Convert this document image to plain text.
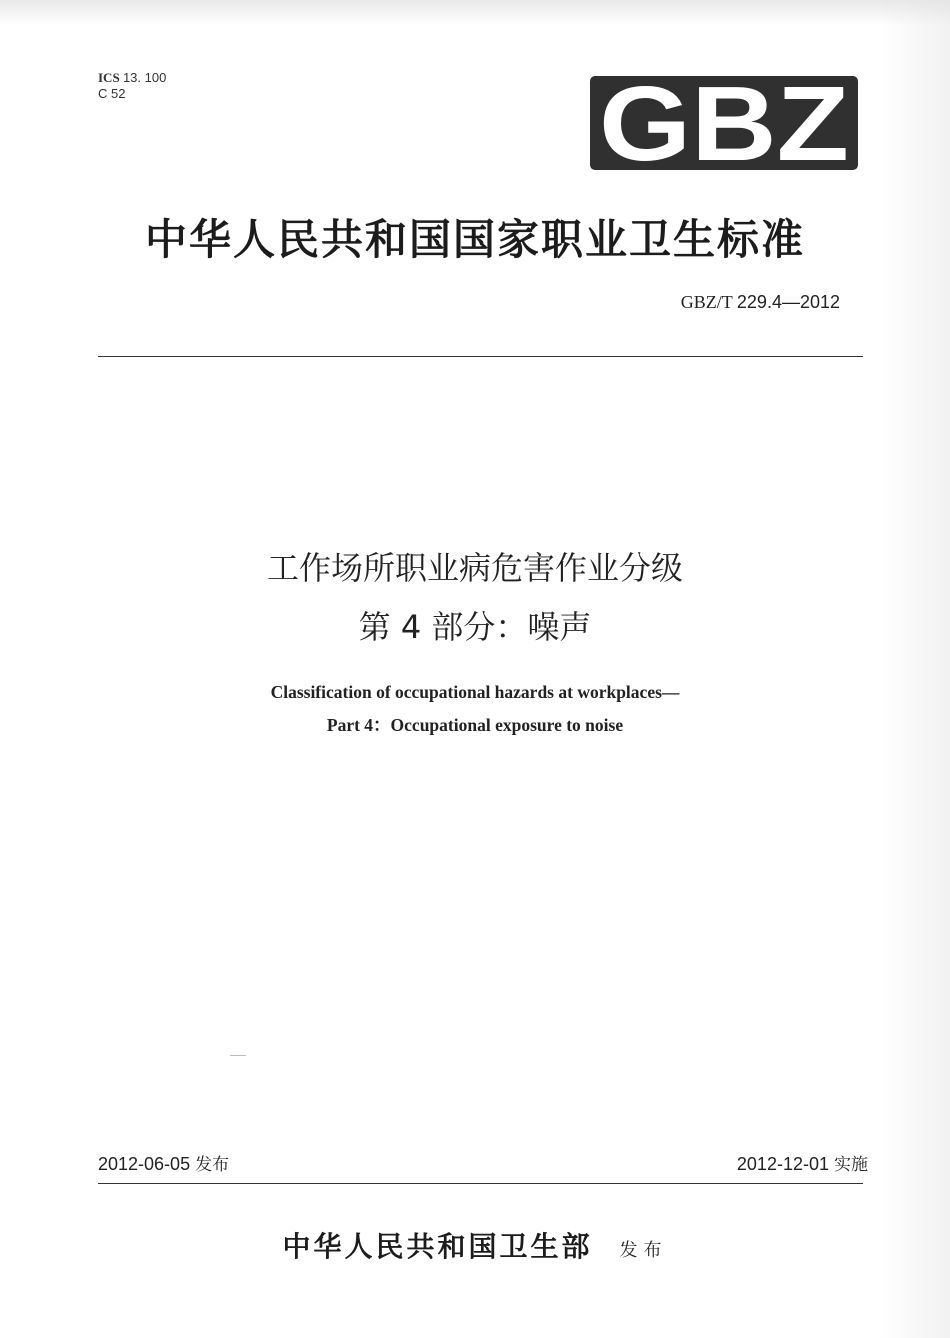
ICS 13. 100
C 52	GBZ
中华人民共和国国家职业卫生标准
GBZ/T 229.4—2012
工作场所职业病危害作业分级
第 4 部分：噪声
Classification of occupational hazards at workplaces—
Part 4：Occupational exposure to noise
2012-06-05 发布	2012-12-01 实施
中华人民共和国卫生部 发布
